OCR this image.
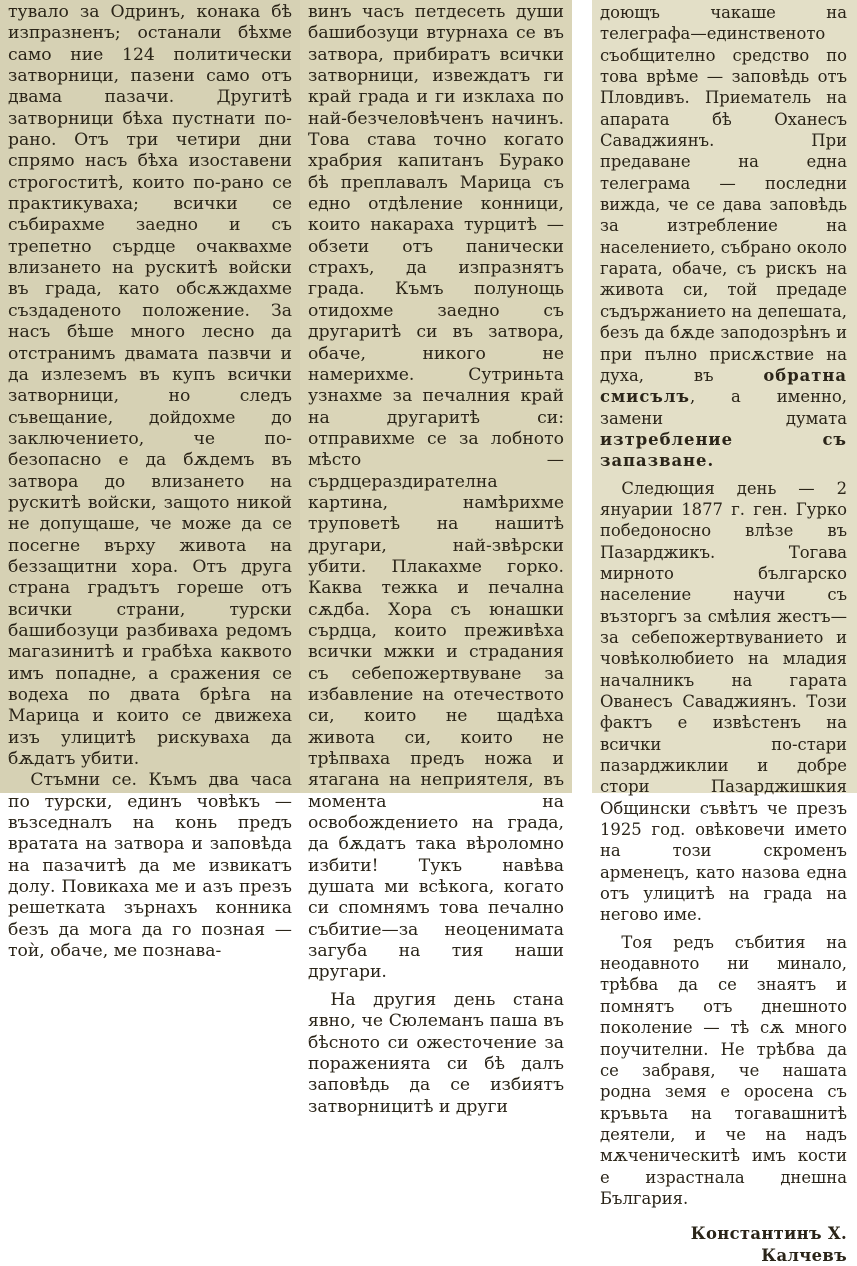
тувало за Одринъ, конака бѣ изпразненъ; останали бѣхме само ние 124 политически затворници, пазени само отъ двама пазачи. Другитѣ затворници бѣха пустнати по-рано. Отъ три четири дни спрямо насъ бѣха изоставени строгоститѣ, които по-рано се практикуваха; всички се събирахме заедно и съ трепетно сърдце очаквахме влизането на рускитѣ войски въ града, като обсѫждахме създаденото положение. За насъ бѣше много лесно да отстранимъ двамата пазвчи и да излеземъ въ купъ всички затворници, но следъ съвещание, дойдохме до заключението, че по-безопасно е да бѫдемъ въ затвора до влизането на рускитѣ войски, защото никой не допущаше, че може да се посегне върху живота на беззащитни хора. Отъ друга страна градътъ гореше отъ всички страни, турски башибозуци разбиваха редомъ магазинитѣ и грабѣха каквото имъ попадне, а сражения се водеха по двата брѣга на Марица и които се движеха изъ улицитѣ рискуваха да бѫдатъ убити.

Стъмни се. Къмъ два часа по турски, единъ човѣкъ — възседналъ на конь предъ вратата на затвора и заповѣда на пазачитѣ да ме извикатъ долу. Повикаха ме и азъ презъ решетката зърнахъ конника безъ да мога да го позная — тоѝ, обаче, ме познава-

винъ часъ петдесеть души башибозуци втурнаха се въ затвора, прибиратъ всички затворници, извеждатъ ги край града и ги изклаха по най-безчеловѣченъ начинъ. Това става точно когато храбрия капитанъ Бурако бѣ преплавалъ Марица съ едно отдѣление конници, които накараха турцитѣ — обзети отъ панически страхъ, да изпразнятъ града. Къмъ полунощь отидохме заедно съ другаритѣ си въ затвора, обаче, никого не намерихме. Сутриньта узнахме за печалния край на другаритѣ си: отправихме се за лобното мѣсто — сърдцераздирателна картина, намѣрихме труповетѣ на нашитѣ другари, най-звѣрски убити. Плакахме горко. Каква тежка и печална сѫдба. Хора съ юнашки сърдца, които преживѣха всички мжки и страдания съ себепожертвуване за избавление на отечеството си, които не щадѣха живота си, които не трѣпваха предъ ножа и ятагана на неприятеля, въ момента на освобождението на града, да бѫдатъ така вѣроломно избити! Тукъ навѣва душата ми всѣкога, когато си спомнямъ това печално събитие—за неоценимата загуба на тия наши другари.

На другия день стана явно, че Сюлеманъ паша въ бѣсното си ожесточение за пораженията си бѣ далъ заповѣдь да се избиятъ затворницитѣ и други

доющъ чакаше на телеграфа—единственото съобщително средство по това врѣме — заповѣдь отъ Пловдивъ. Приематель на апарата бѣ Оханесъ Саваджиянъ. При предаване на една телеграма — последни вижда, че се дава заповѣдь за изтребление на населението, събрано около гарата, обаче, съ рискъ на живота си, той предаде съдържанието на депешата, безъ да бѫде заподозрѣнъ и при пълно присѫствие на духа, въ	обратна смисълъ, а именно, замени думата изтребление съ запазване.

Следющия день — 2 януарии 1877 г. ген. Гурко победоносно влѣзе въ Пазарджикъ. Тогава мирното българско население научи съ възторгъ за смѣлия жестъ—за себепожертвуванието и човѣколюбието на младия началникъ на гарата Ованесъ Саваджиянъ. Този фактъ е извѣстенъ на всички по-стари пазарджиклии и добре стори Пазарджишкия Общински съвѣтъ че презъ 1925 год. овѣковечи името на този скроменъ арменецъ, като назова една отъ улицитѣ на града на негово име.

Тоя редъ събития на неодавното ни минало, трѣбва да се знаятъ и помнятъ отъ днешното поколение — тѣ сѫ много поучителни. Не трѣбва да се забравя, че нашата родна земя е оросена съ кръвьта на тогавашнитѣ деятели, и че на надъ мѫченическитѣ имъ кости е израстнала днешна България.

Константинъ Х. Калчевъ
